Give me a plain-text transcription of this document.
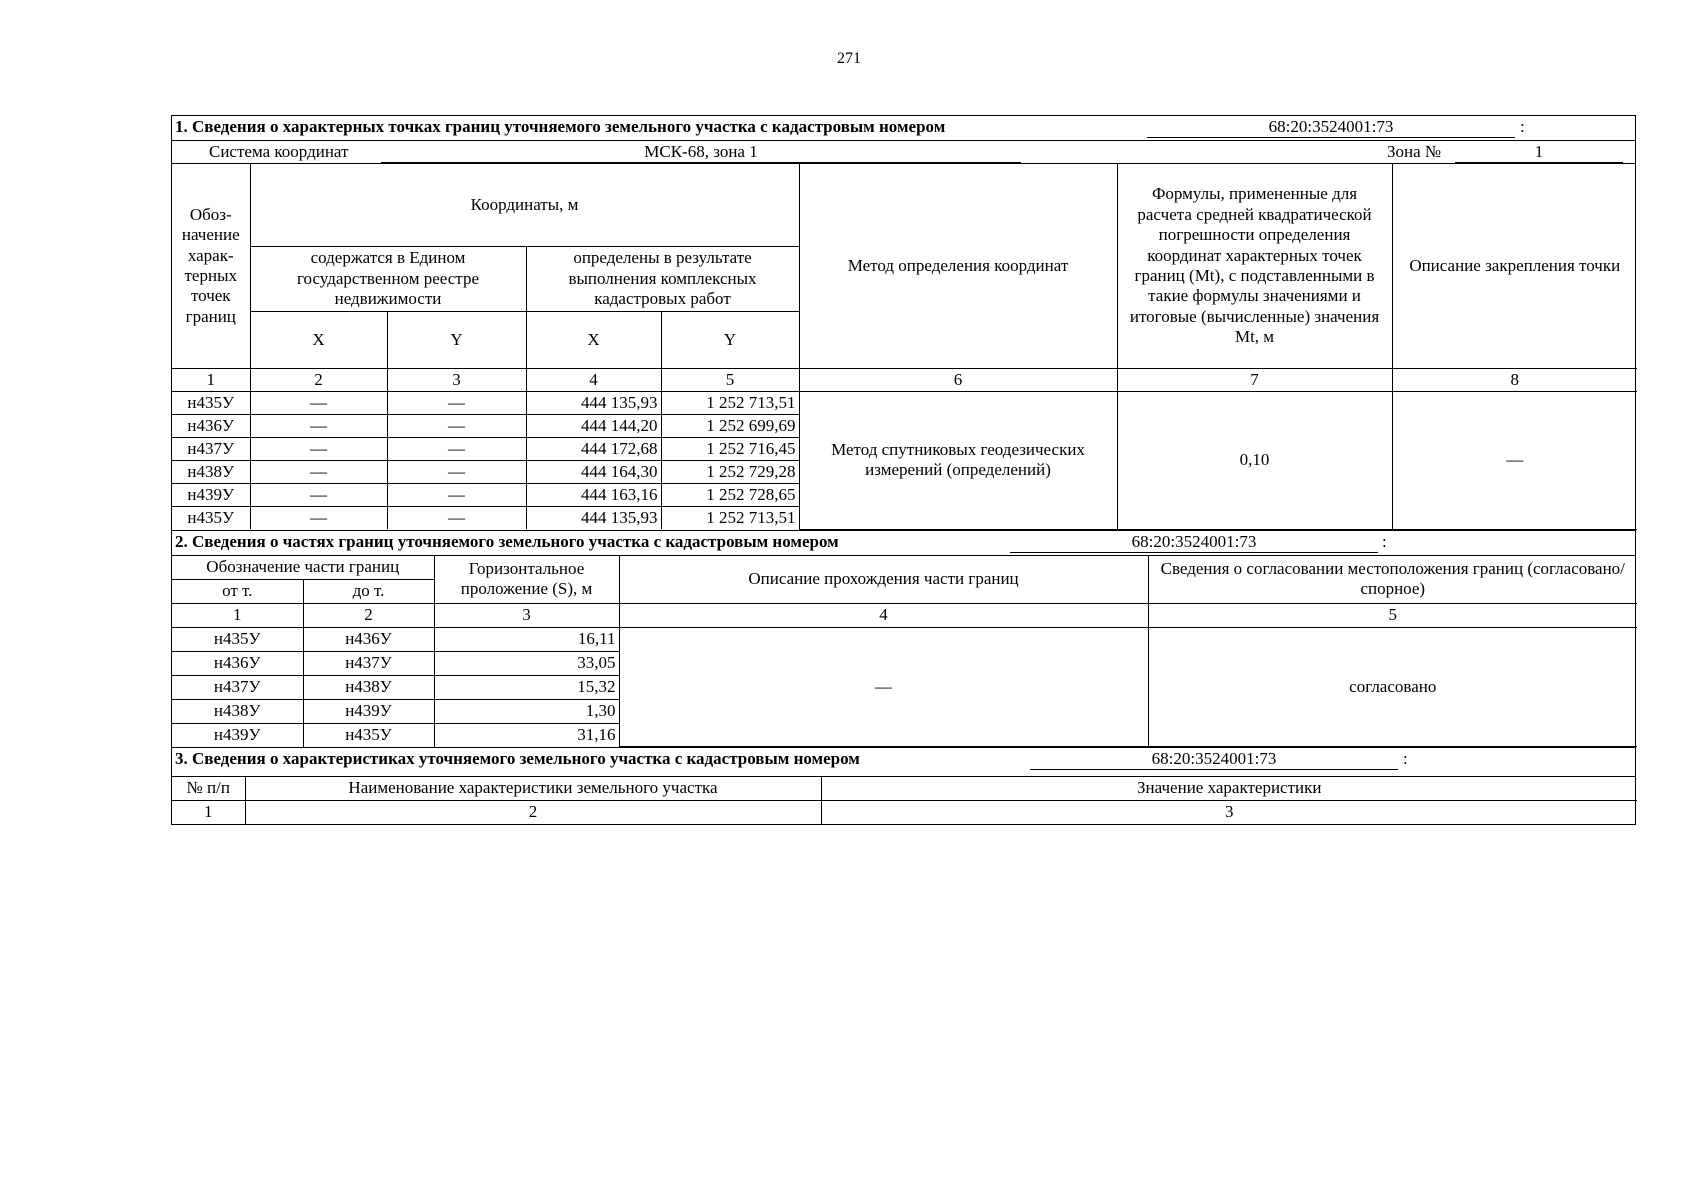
271
1. Сведения о характерных точках границ уточняемого земельного участка с кадастровым номером	68:20:3524001:73	:
Система координат	МСК-68, зона 1	Зона №	1
Обоз-начение харак-терных точек границ	Координаты, м				Метод определения координат	Формулы, примененные для расчета средней квадратической погрешности определения координат характерных точек границ (Mt), с подставленными в такие формулы значениями и итоговые (вычисленные) значения Mt, м	Описание закрепления точки
	содержатся в Едином государственном реестре недвижимости		определены в результате выполнения комплексных кадастровых работ				
	X	Y	X	Y			
1	2	3	4	5	6	7	8
н435У	—	—	444 135,93	1 252 713,51	Метод спутниковых геодезических измерений (определений)	0,10	—
н436У	—	—	444 144,20	1 252 699,69			
н437У	—	—	444 172,68	1 252 716,45			
н438У	—	—	444 164,30	1 252 729,28			
н439У	—	—	444 163,16	1 252 728,65			
н435У	—	—	444 135,93	1 252 713,51			
2. Сведения о частях границ уточняемого земельного участка с кадастровым номером	68:20:3524001:73	:
Обозначение части границ		Горизонтальное проложение (S), м	Описание прохождения части границ	Сведения о согласовании местоположения границ (согласовано/спорное)
от т.	до т.			
1	2	3	4	5
н435У	н436У	16,11	—	согласовано
н436У	н437У	33,05		
н437У	н438У	15,32		
н438У	н439У	1,30		
н439У	н435У	31,16		
3. Сведения о характеристиках уточняемого земельного участка с кадастровым номером	68:20:3524001:73	:
№ п/п	Наименование характеристики земельного участка	Значение характеристики
1	2	3
